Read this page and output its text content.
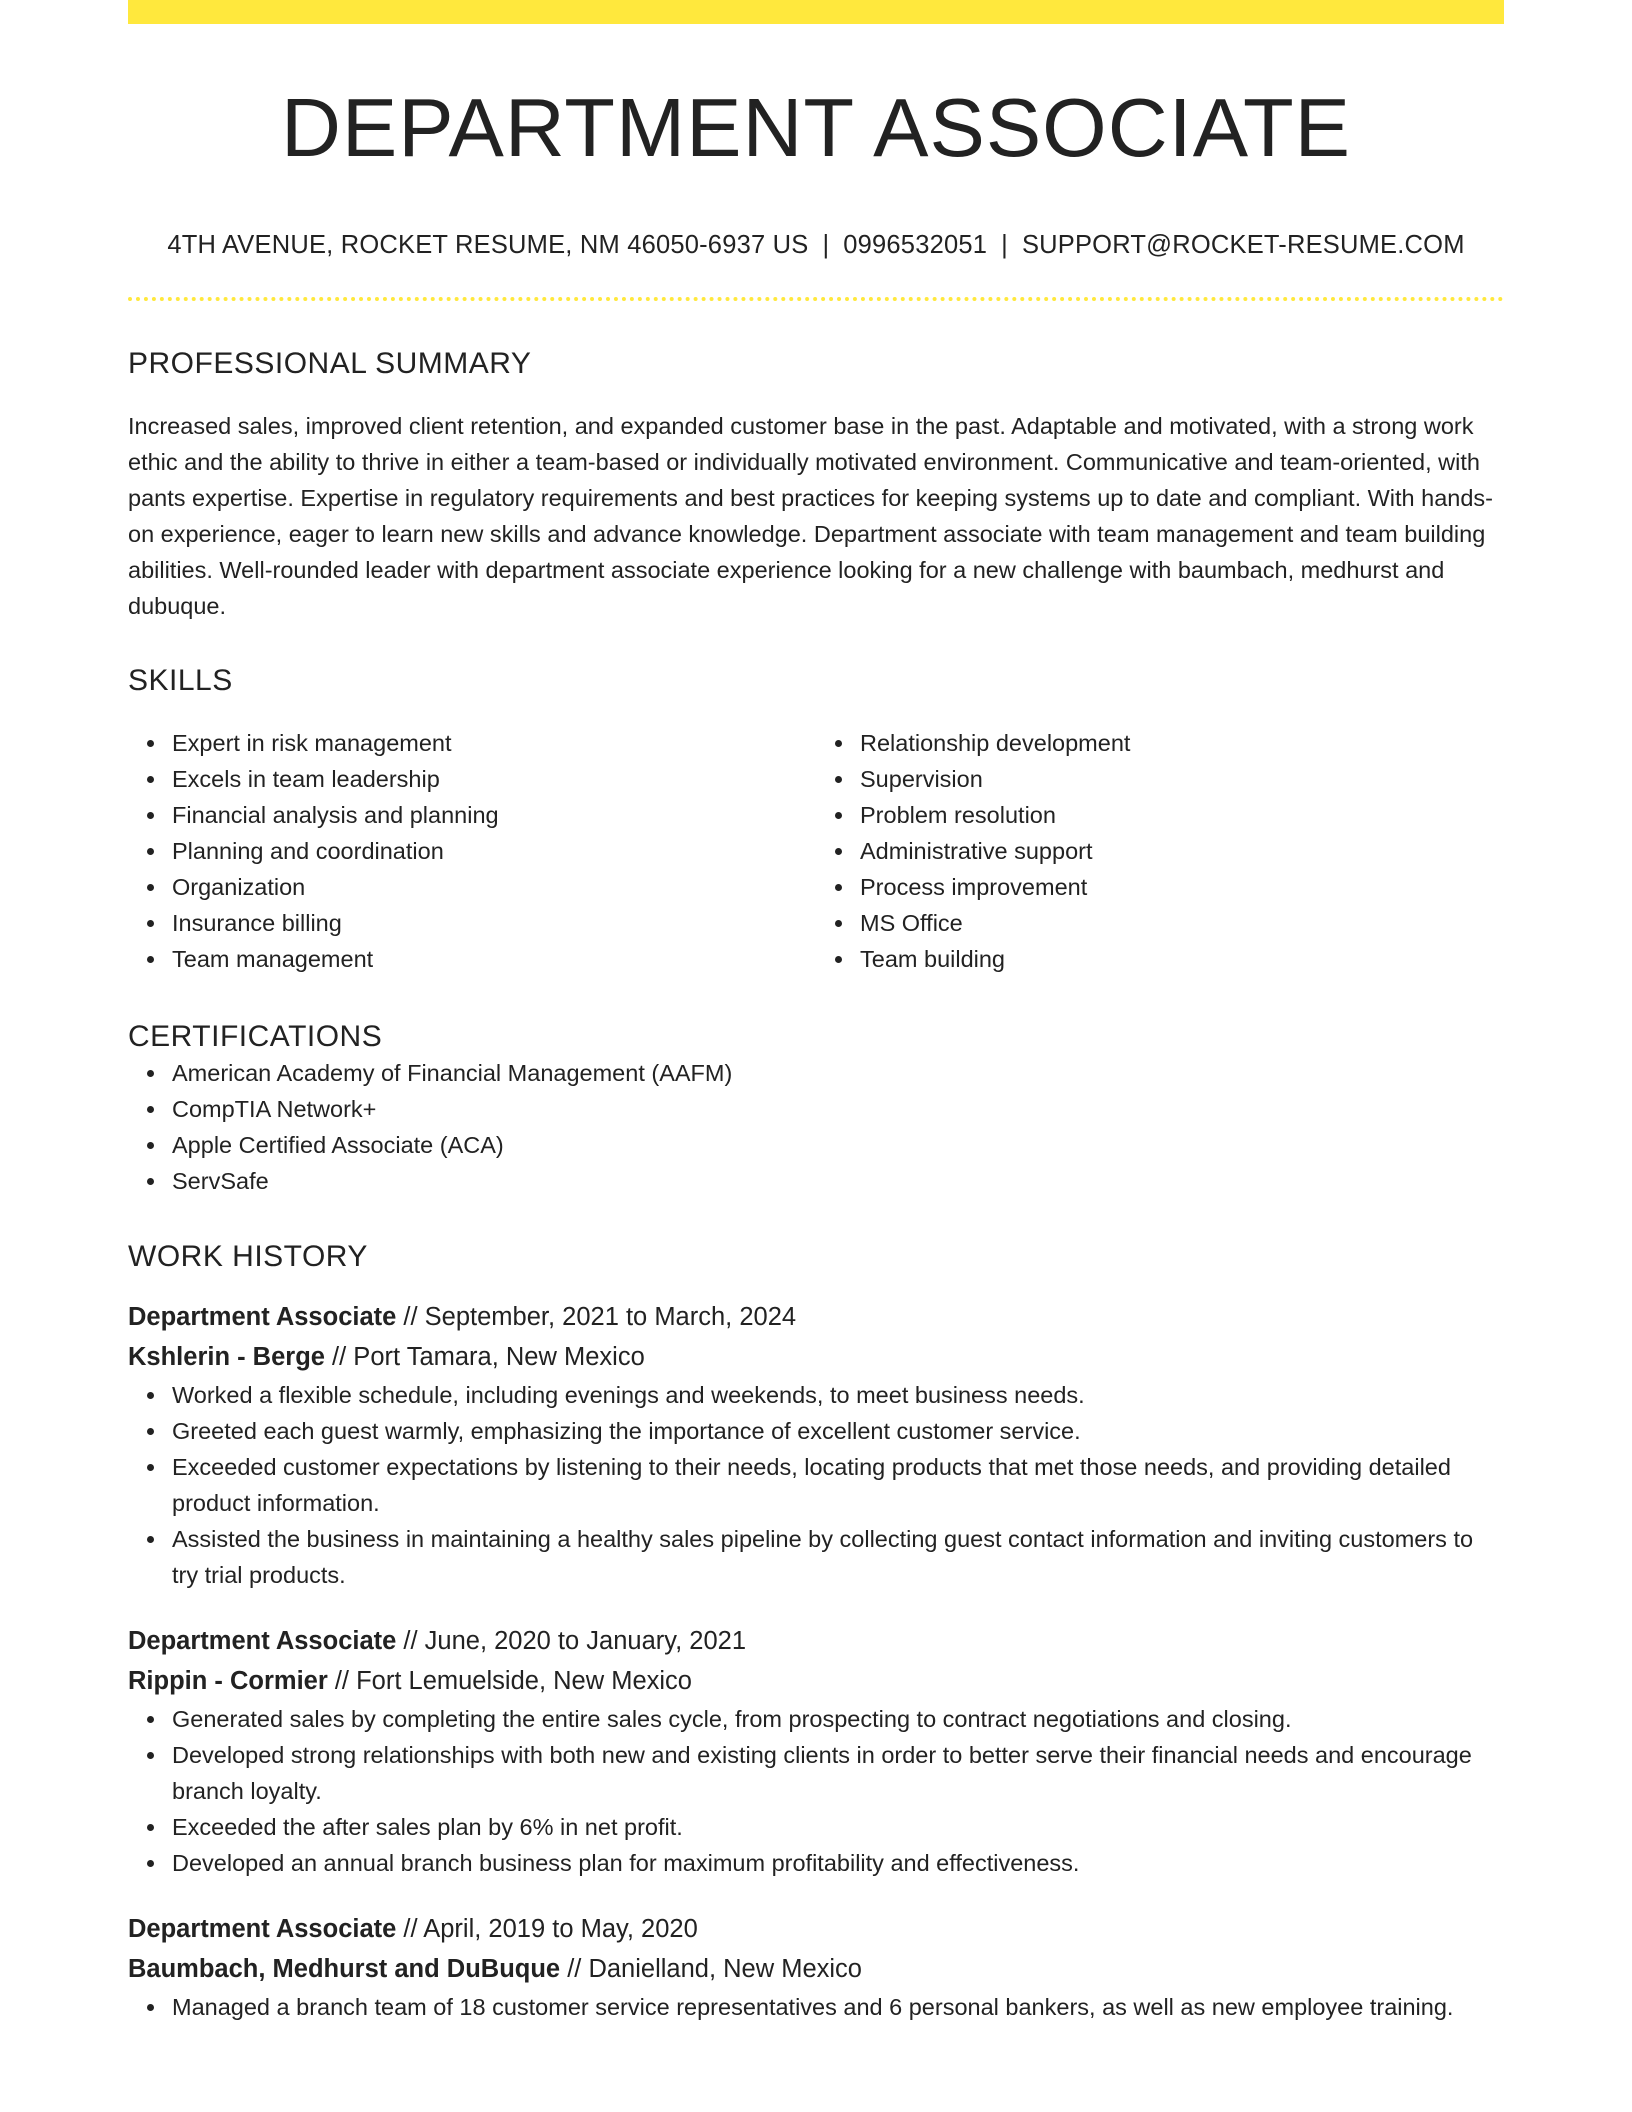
DEPARTMENT ASSOCIATE
4TH AVENUE, ROCKET RESUME, NM 46050-6937 US | 0996532051 | SUPPORT@ROCKET-RESUME.COM
PROFESSIONAL SUMMARY

Increased sales, improved client retention, and expanded customer base in the past. Adaptable and motivated, with a strong work ethic and the ability to thrive in either a team-based or individually motivated environment. Communicative and team-oriented, with pants expertise. Expertise in regulatory requirements and best practices for keeping systems up to date and compliant. With hands-on experience, eager to learn new skills and advance knowledge. Department associate with team management and team building abilities. Well-rounded leader with department associate experience looking for a new challenge with baumbach, medhurst and dubuque.

SKILLS
Expert in risk management
Excels in team leadership
Financial analysis and planning
Planning and coordination
Organization
Insurance billing
Team management
Relationship development
Supervision
Problem resolution
Administrative support
Process improvement
MS Office
Team building
CERTIFICATIONS
American Academy of Financial Management (AAFM)
CompTIA Network+
Apple Certified Associate (ACA)
ServSafe
WORK HISTORY
Department Associate // September, 2021 to March, 2024
Kshlerin - Berge // Port Tamara, New Mexico
Worked a flexible schedule, including evenings and weekends, to meet business needs.
Greeted each guest warmly, emphasizing the importance of excellent customer service.
Exceeded customer expectations by listening to their needs, locating products that met those needs, and providing detailed product information.
Assisted the business in maintaining a healthy sales pipeline by collecting guest contact information and inviting customers to try trial products.
Department Associate // June, 2020 to January, 2021
Rippin - Cormier // Fort Lemuelside, New Mexico
Generated sales by completing the entire sales cycle, from prospecting to contract negotiations and closing.
Developed strong relationships with both new and existing clients in order to better serve their financial needs and encourage branch loyalty.
Exceeded the after sales plan by 6% in net profit.
Developed an annual branch business plan for maximum profitability and effectiveness.
Department Associate // April, 2019 to May, 2020
Baumbach, Medhurst and DuBuque // Danielland, New Mexico
Managed a branch team of 18 customer service representatives and 6 personal bankers, as well as new employee training.
